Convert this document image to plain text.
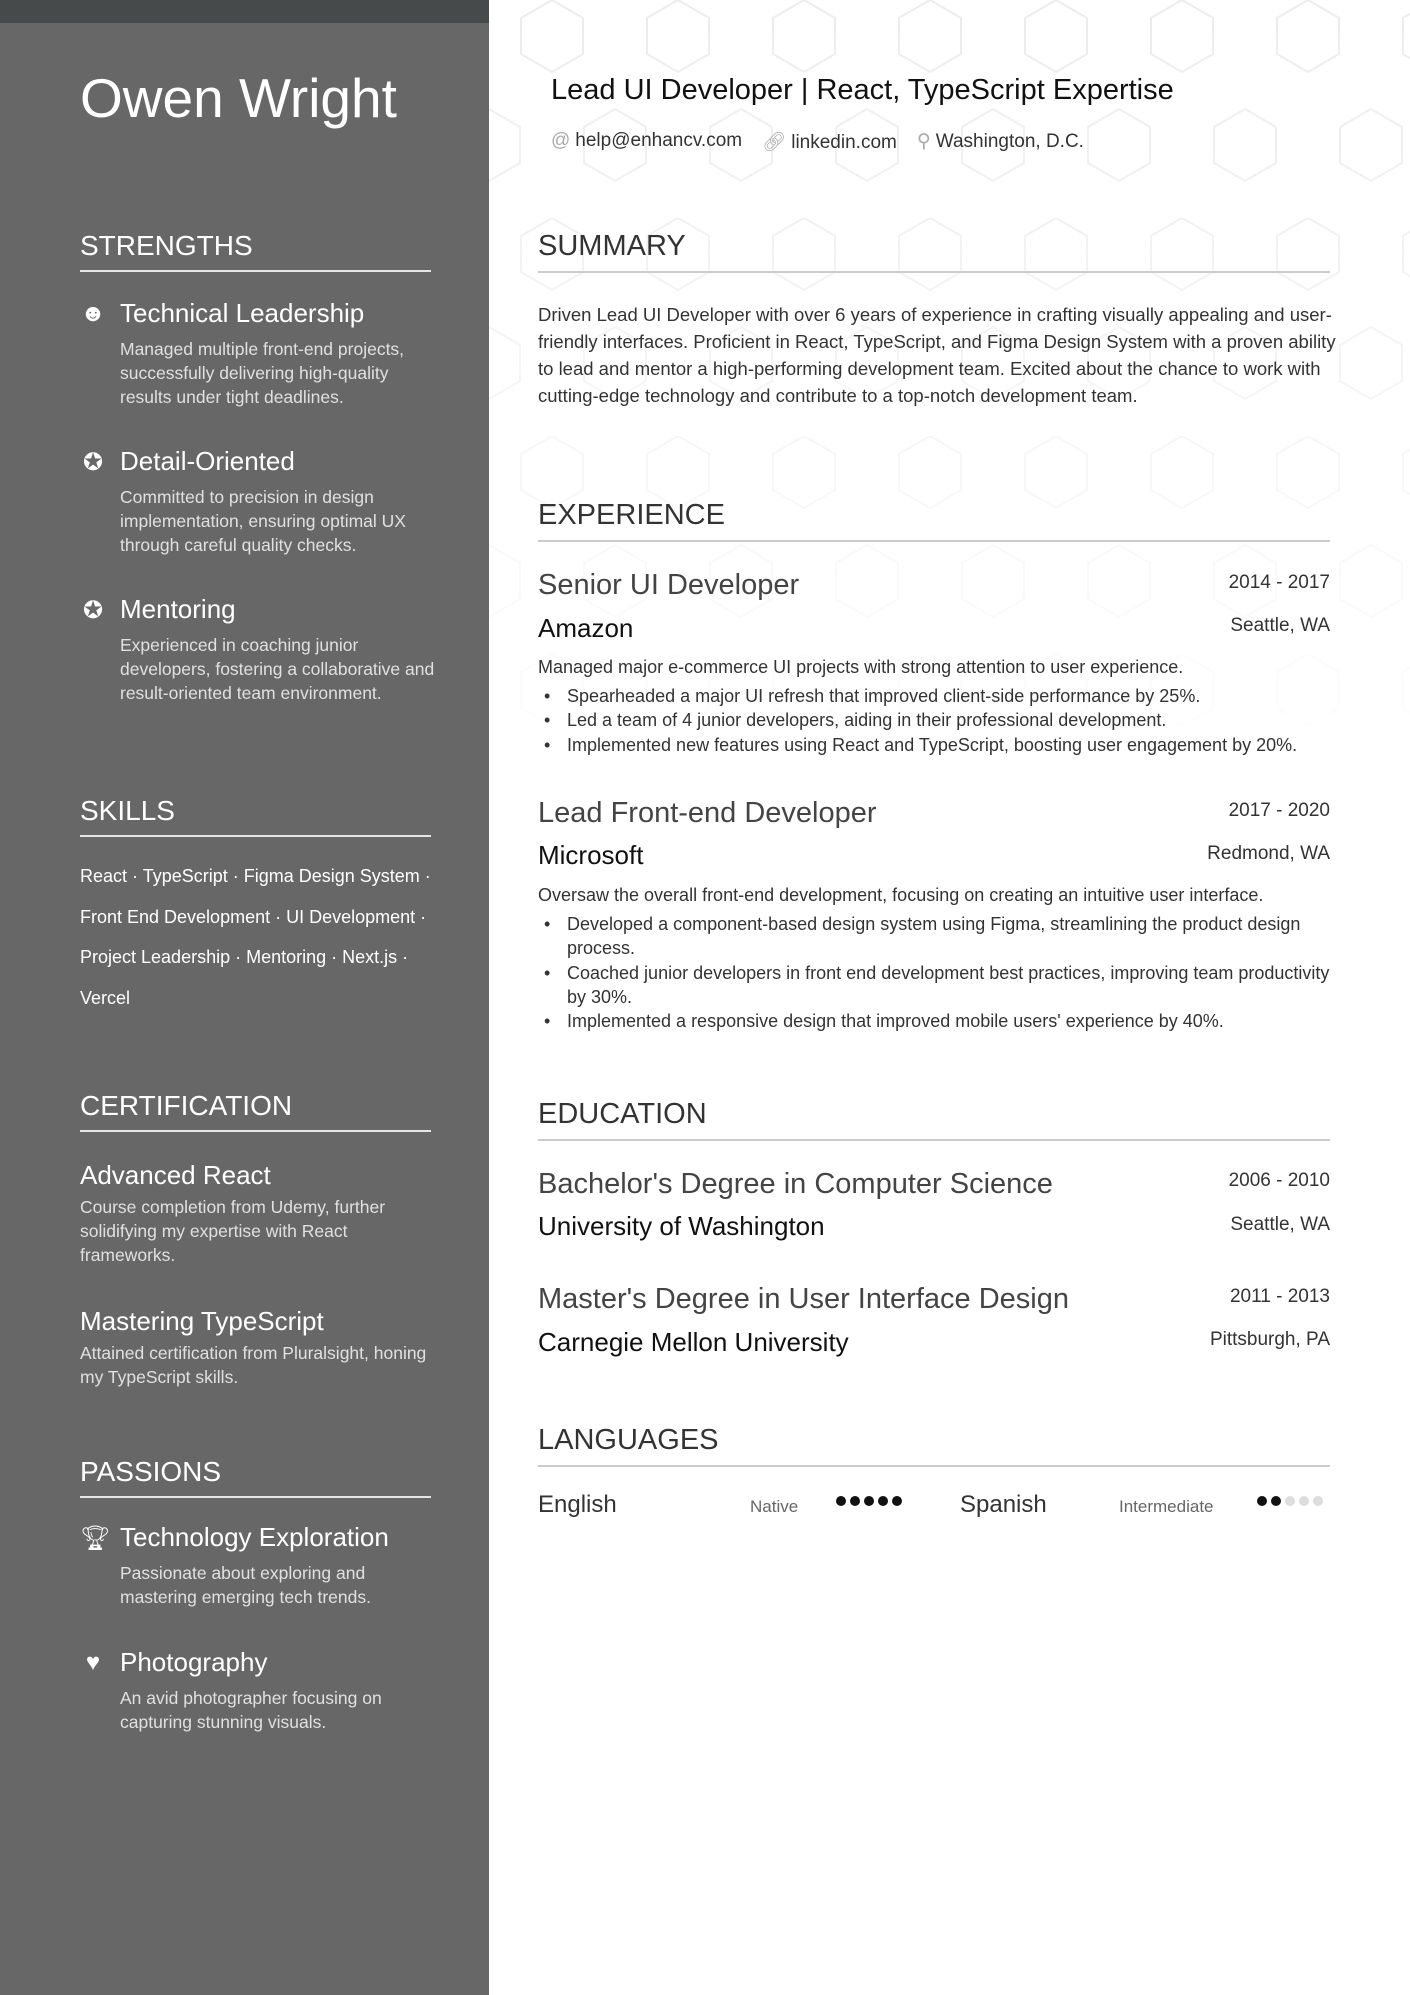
Owen Wright
STRENGTHS
☻ Technical Leadership
Managed multiple front-end projects, successfully delivering high-quality results under tight deadlines.
✪ Detail-Oriented
Committed to precision in design implementation, ensuring optimal UX through careful quality checks.
✪ Mentoring
Experienced in coaching junior developers, fostering a collaborative and result-oriented team environment.
SKILLS
React · TypeScript · Figma Design System ·
Front End Development · UI Development ·
Project Leadership · Mentoring · Next.js ·
Vercel
CERTIFICATION
Advanced React
Course completion from Udemy, further solidifying my expertise with React frameworks.
Mastering TypeScript
Attained certification from Pluralsight, honing my TypeScript skills.
PASSIONS
🏆︎ Technology Exploration
Passionate about exploring and mastering emerging tech trends.
♥ Photography
An avid photographer focusing on capturing stunning visuals.
Lead UI Developer | React, TypeScript Expertise
@ help@enhancv.com 🔗︎ linkedin.com ⚲ Washington, D.C.
SUMMARY
Driven Lead UI Developer with over 6 years of experience in crafting visually appealing and user-friendly interfaces. Proficient in React, TypeScript, and Figma Design System with a proven ability to lead and mentor a high-performing development team. Excited about the chance to work with cutting-edge technology and contribute to a top-notch development team.
EXPERIENCE
Senior UI Developer	2014 - 2017
Amazon	Seattle, WA
Managed major e-commerce UI projects with strong attention to user experience.
• Spearheaded a major UI refresh that improved client-side performance by 25%.
• Led a team of 4 junior developers, aiding in their professional development.
• Implemented new features using React and TypeScript, boosting user engagement by 20%.
Lead Front-end Developer	2017 - 2020
Microsoft	Redmond, WA
Oversaw the overall front-end development, focusing on creating an intuitive user interface.
• Developed a component-based design system using Figma, streamlining the product design process.
• Coached junior developers in front end development best practices, improving team productivity by 30%.
• Implemented a responsive design that improved mobile users' experience by 40%.
EDUCATION
Bachelor's Degree in Computer Science	2006 - 2010
University of Washington	Seattle, WA
Master's Degree in User Interface Design	2011 - 2013
Carnegie Mellon University	Pittsburgh, PA
LANGUAGES
English	Native	Spanish	Intermediate
